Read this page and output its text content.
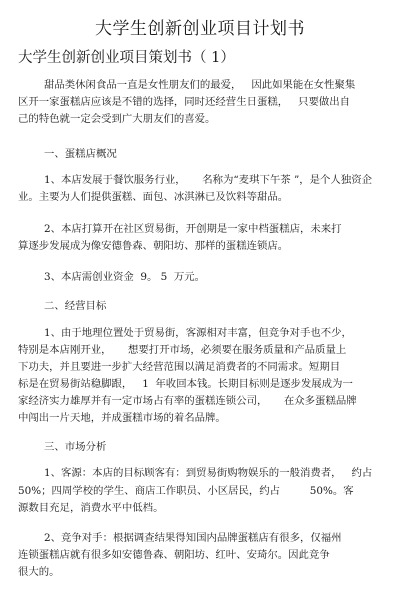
大学生创新创业项目计划书
大学生创新创业项目策划书（ 1）

甜品类休闲食品一直是女性朋友们的最爱，   因此如果能在女性聚集

区开一家蛋糕店应该是不错的选择，同时还经营生日蛋糕，   只要做出自

己的特色就一定会受到广大朋友们的喜爱。

一、蛋糕店概况

1、本店发展于餐饮服务行业，     名称为“麦琪下午茶 ”，是个人独资企

业。主要为人们提供蛋糕、面包、冰淇淋已及饮料等甜品。

2、本店打算开在社区贸易街，开创期是一家中档蛋糕店，未来打

算逐步发展成为像安德鲁森、朝阳坊、那样的蛋糕连锁店。

3、本店需创业资金  9。 5  万元。

二、经营目标

1、由于地理位置处于贸易街，客源相对丰富，但竞争对手也不少，

特别是本店刚开业，     想要打开市场，必须要在服务质量和产品质量上

下功夫，并且要进一步扩大经营范围以满足消费者的不同需求。短期目

标是在贸易街站稳脚跟，   1  年收回本钱。长期目标则是逐步发展成为一

家经济实力雄厚并有一定市场占有率的蛋糕连锁公司，     在众多蛋糕品牌

中闯出一片天地，并成蛋糕市场的着名品牌。

三、市场分析

1、客源：本店的目标顾客有：到贸易街购物娱乐的一般消费者，   约占

50%；四周学校的学生、商店工作职员、小区居民，约占         50%。客

源数目充足，消费水平中低档。

2、竞争对手：根据调查结果得知国内品牌蛋糕店有很多，仅福州

连锁蛋糕店就有很多如安德鲁森、朝阳坊、红叶、安琦尔。因此竞争

很大的。
